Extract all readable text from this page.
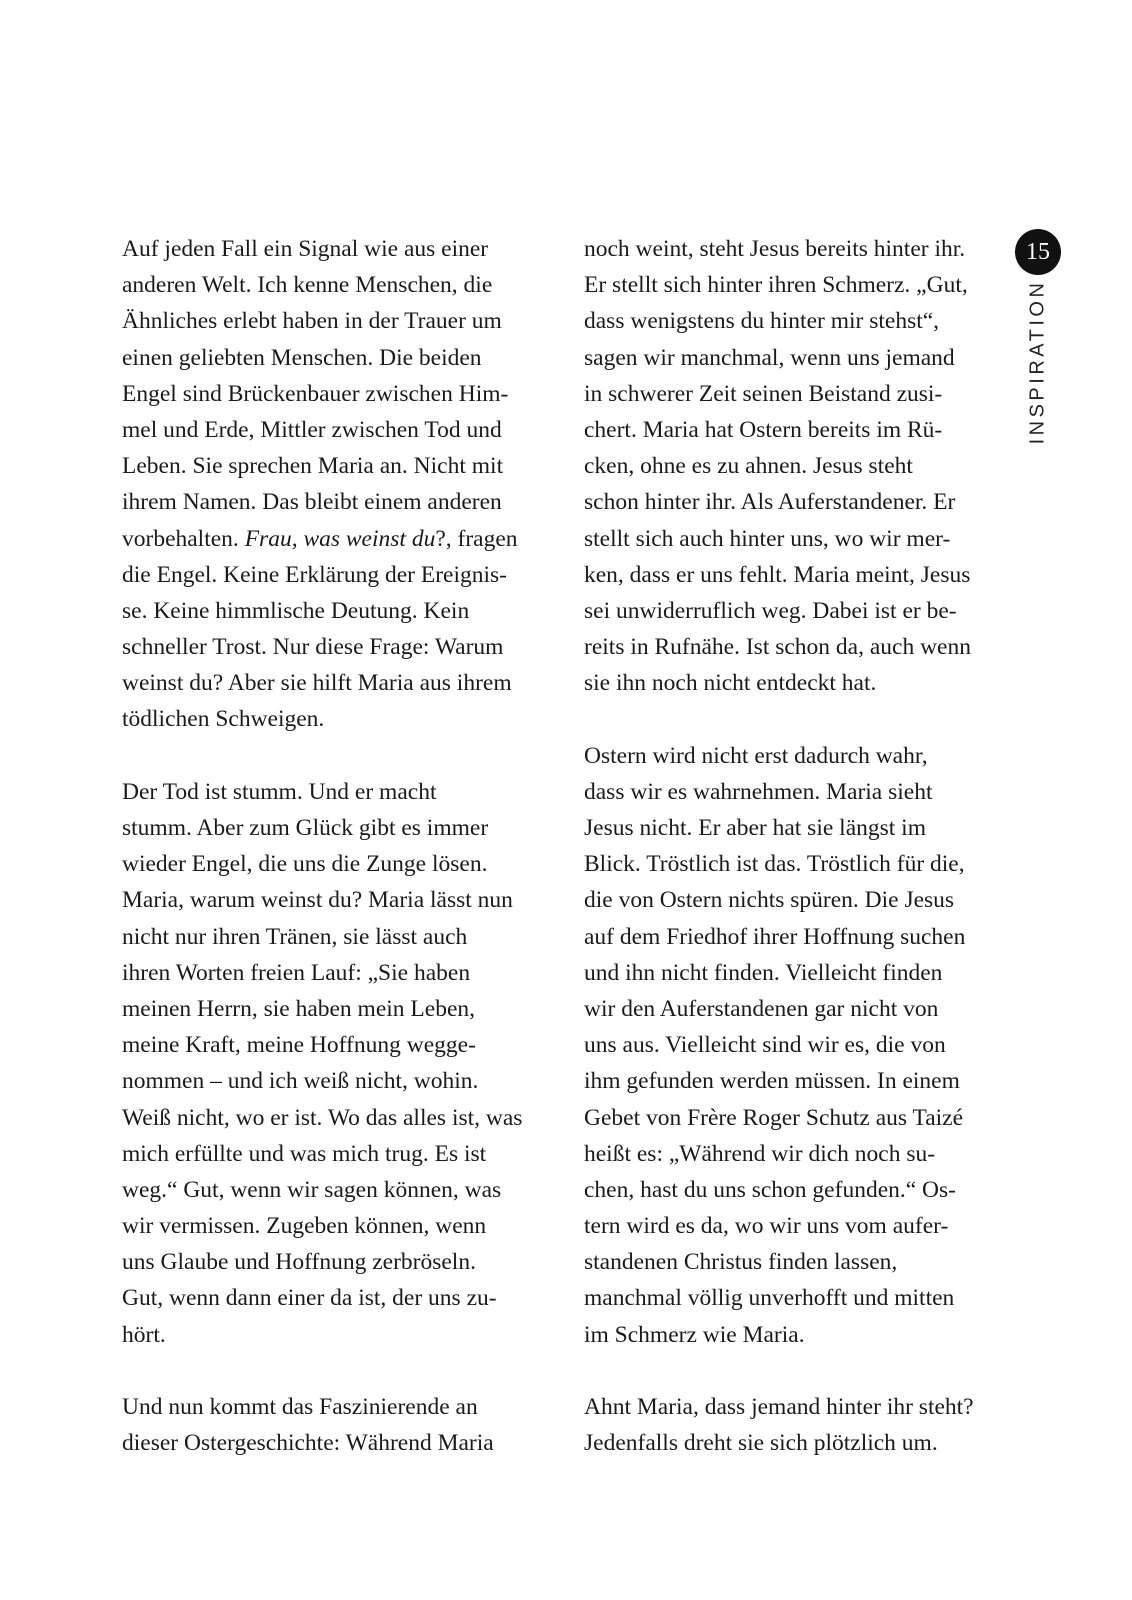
Auf jeden Fall ein Signal wie aus einer
anderen Welt. Ich kenne Menschen, die
Ähnliches erlebt haben in der Trauer um
einen geliebten Menschen. Die beiden
Engel sind Brückenbauer zwischen Him-
mel und Erde, Mittler zwischen Tod und
Leben. Sie sprechen Maria an. Nicht mit
ihrem Namen. Das bleibt einem anderen
vorbehalten. Frau, was weinst du?, fragen
die Engel. Keine Erklärung der Ereignis-
se. Keine himmlische Deutung. Kein
schneller Trost. Nur diese Frage: Warum
weinst du? Aber sie hilft Maria aus ihrem
tödlichen Schweigen.
Der Tod ist stumm. Und er macht
stumm. Aber zum Glück gibt es immer
wieder Engel, die uns die Zunge lösen.
Maria, warum weinst du? Maria lässt nun
nicht nur ihren Tränen, sie lässt auch
ihren Worten freien Lauf: „Sie haben
meinen Herrn, sie haben mein Leben,
meine Kraft, meine Hoffnung wegge-
nommen – und ich weiß nicht, wohin.
Weiß nicht, wo er ist. Wo das alles ist, was
mich erfüllte und was mich trug. Es ist
weg.“ Gut, wenn wir sagen können, was
wir vermissen. Zugeben können, wenn
uns Glaube und Hoffnung zerbröseln.
Gut, wenn dann einer da ist, der uns zu-
hört.
Und nun kommt das Faszinierende an
dieser Ostergeschichte: Während Maria
noch weint, steht Jesus bereits hinter ihr.
Er stellt sich hinter ihren Schmerz. „Gut,
dass wenigstens du hinter mir stehst“,
sagen wir manchmal, wenn uns jemand
in schwerer Zeit seinen Beistand zusi-
chert. Maria hat Ostern bereits im Rü-
cken, ohne es zu ahnen. Jesus steht
schon hinter ihr. Als Auferstandener. Er
stellt sich auch hinter uns, wo wir mer-
ken, dass er uns fehlt. Maria meint, Jesus
sei unwiderruflich weg. Dabei ist er be-
reits in Rufnähe. Ist schon da, auch wenn
sie ihn noch nicht entdeckt hat.
Ostern wird nicht erst dadurch wahr,
dass wir es wahrnehmen. Maria sieht
Jesus nicht. Er aber hat sie längst im
Blick. Tröstlich ist das. Tröstlich für die,
die von Ostern nichts spüren. Die Jesus
auf dem Friedhof ihrer Hoffnung suchen
und ihn nicht finden. Vielleicht finden
wir den Auferstandenen gar nicht von
uns aus. Vielleicht sind wir es, die von
ihm gefunden werden müssen. In einem
Gebet von Frère Roger Schutz aus Taizé
heißt es: „Während wir dich noch su-
chen, hast du uns schon gefunden.“ Os-
tern wird es da, wo wir uns vom aufer-
standenen Christus finden lassen,
manchmal völlig unverhofft und mitten
im Schmerz wie Maria.
Ahnt Maria, dass jemand hinter ihr steht?
Jedenfalls dreht sie sich plötzlich um.
15
INSPIRATION
